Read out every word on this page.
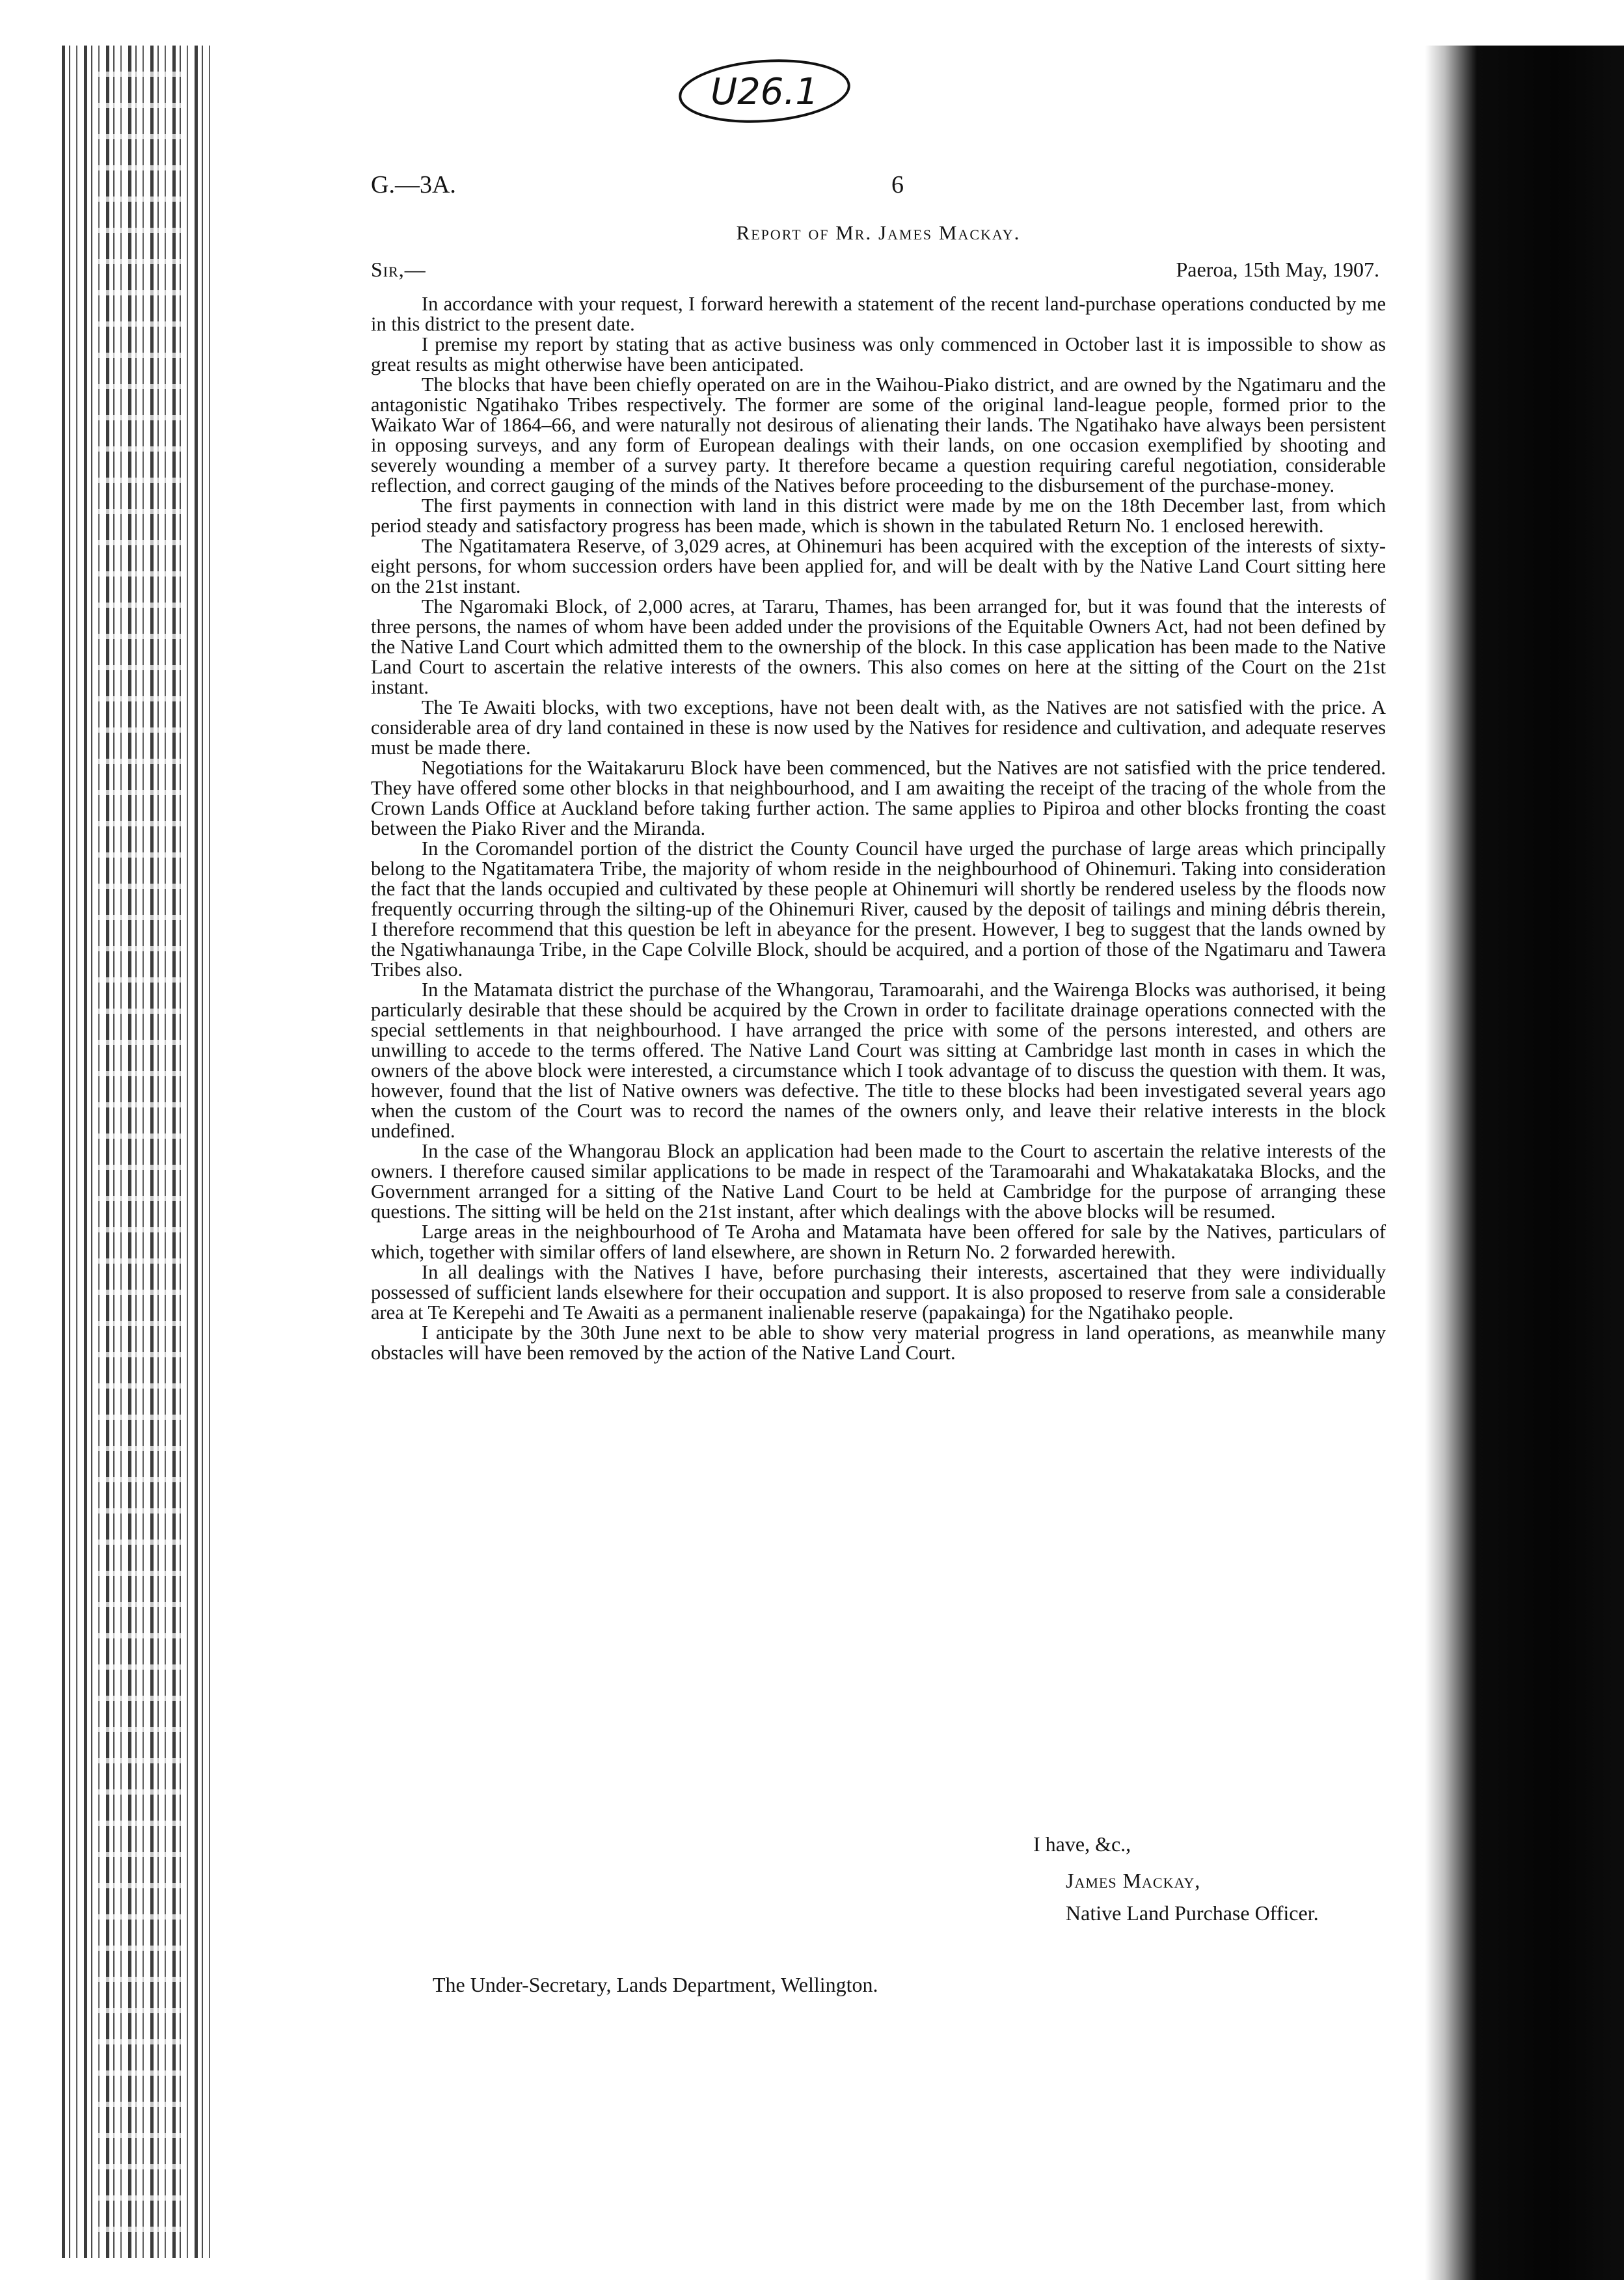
U26.1
G.—3A.	6
Report of Mr. James Mackay.
Sir,—	Paeroa, 15th May, 1907.

In accordance with your request, I forward herewith a statement of the recent land-purchase operations conducted by me in this district to the present date.

I premise my report by stating that as active business was only commenced in October last it is impossible to show as great results as might otherwise have been anticipated.

The blocks that have been chiefly operated on are in the Waihou-Piako district, and are owned by the Ngatimaru and the antagonistic Ngatihako Tribes respectively. The former are some of the original land-league people, formed prior to the Waikato War of 1864–66, and were naturally not desirous of alienating their lands. The Ngatihako have always been persistent in opposing surveys, and any form of European dealings with their lands, on one occasion exemplified by shooting and severely wounding a member of a survey party. It therefore became a question requiring careful negotiation, considerable reflection, and correct gauging of the minds of the Natives before proceeding to the disbursement of the purchase-money.

The first payments in connection with land in this district were made by me on the 18th December last, from which period steady and satisfactory progress has been made, which is shown in the tabulated Return No. 1 enclosed herewith.

The Ngatitamatera Reserve, of 3,029 acres, at Ohinemuri has been acquired with the exception of the interests of sixty-eight persons, for whom succession orders have been applied for, and will be dealt with by the Native Land Court sitting here on the 21st instant.

The Ngaromaki Block, of 2,000 acres, at Tararu, Thames, has been arranged for, but it was found that the interests of three persons, the names of whom have been added under the provisions of the Equitable Owners Act, had not been defined by the Native Land Court which admitted them to the ownership of the block. In this case application has been made to the Native Land Court to ascertain the relative interests of the owners. This also comes on here at the sitting of the Court on the 21st instant.

The Te Awaiti blocks, with two exceptions, have not been dealt with, as the Natives are not satisfied with the price. A considerable area of dry land contained in these is now used by the Natives for residence and cultivation, and adequate reserves must be made there.

Negotiations for the Waitakaruru Block have been commenced, but the Natives are not satisfied with the price tendered. They have offered some other blocks in that neighbourhood, and I am awaiting the receipt of the tracing of the whole from the Crown Lands Office at Auckland before taking further action. The same applies to Pipiroa and other blocks fronting the coast between the Piako River and the Miranda.

In the Coromandel portion of the district the County Council have urged the purchase of large areas which principally belong to the Ngatitamatera Tribe, the majority of whom reside in the neighbourhood of Ohinemuri. Taking into consideration the fact that the lands occupied and cultivated by these people at Ohinemuri will shortly be rendered useless by the floods now frequently occurring through the silting-up of the Ohinemuri River, caused by the deposit of tailings and mining débris therein, I therefore recommend that this question be left in abeyance for the present. However, I beg to suggest that the lands owned by the Ngatiwhanaunga Tribe, in the Cape Colville Block, should be acquired, and a portion of those of the Ngatimaru and Tawera Tribes also.

In the Matamata district the purchase of the Whangorau, Taramoarahi, and the Wairenga Blocks was authorised, it being particularly desirable that these should be acquired by the Crown in order to facilitate drainage operations connected with the special settlements in that neighbourhood. I have arranged the price with some of the persons interested, and others are unwilling to accede to the terms offered. The Native Land Court was sitting at Cambridge last month in cases in which the owners of the above block were interested, a circumstance which I took advantage of to discuss the question with them. It was, however, found that the list of Native owners was defective. The title to these blocks had been investigated several years ago when the custom of the Court was to record the names of the owners only, and leave their relative interests in the block undefined.

In the case of the Whangorau Block an application had been made to the Court to ascertain the relative interests of the owners. I therefore caused similar applications to be made in respect of the Taramoarahi and Whakatakataka Blocks, and the Government arranged for a sitting of the Native Land Court to be held at Cambridge for the purpose of arranging these questions. The sitting will be held on the 21st instant, after which dealings with the above blocks will be resumed.

Large areas in the neighbourhood of Te Aroha and Matamata have been offered for sale by the Natives, particulars of which, together with similar offers of land elsewhere, are shown in Return No. 2 forwarded herewith.

In all dealings with the Natives I have, before purchasing their interests, ascertained that they were individually possessed of sufficient lands elsewhere for their occupation and support. It is also proposed to reserve from sale a considerable area at Te Kerepehi and Te Awaiti as a permanent inalienable reserve (papakainga) for the Ngatihako people.

I anticipate by the 30th June next to be able to show very material progress in land operations, as meanwhile many obstacles will have been removed by the action of the Native Land Court.

I have, &c.,
James Mackay,
Native Land Purchase Officer.
The Under-Secretary, Lands Department, Wellington.
